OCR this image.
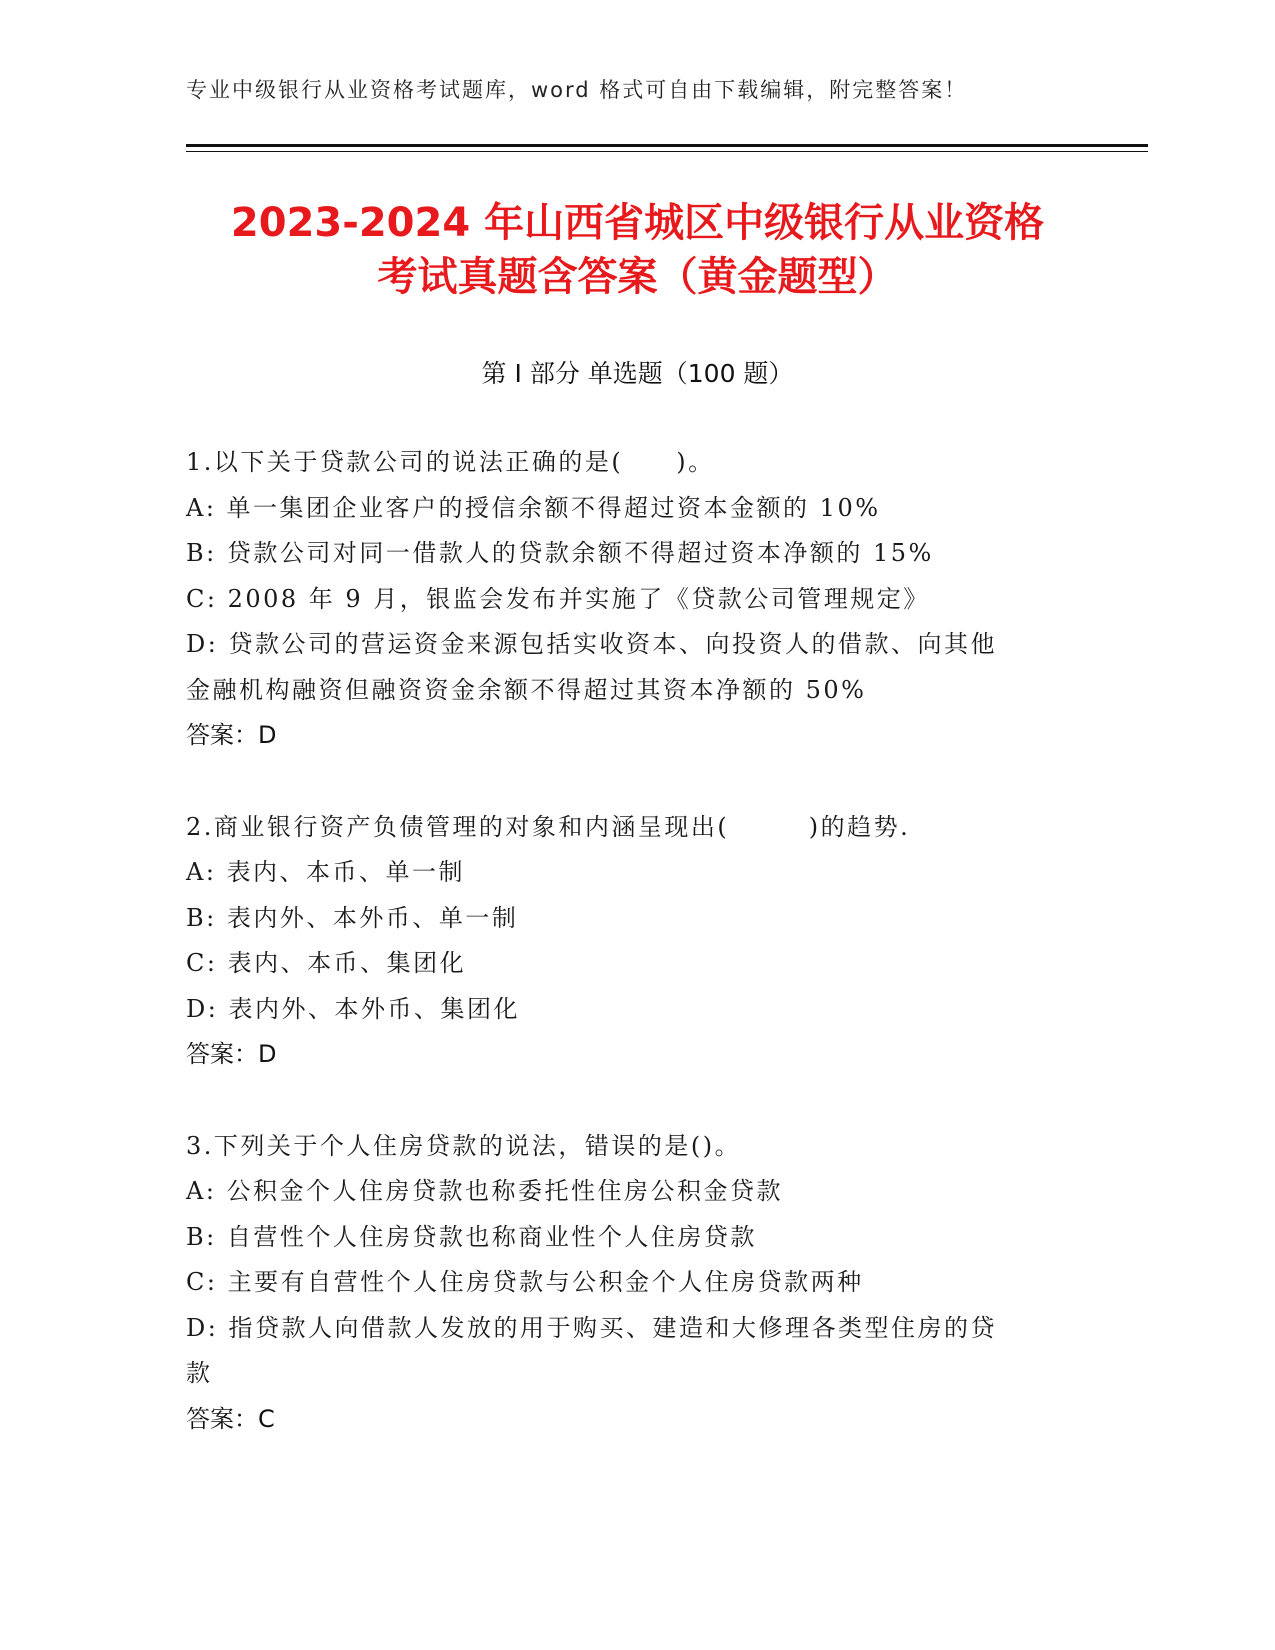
专业中级银行从业资格考试题库，word 格式可自由下载编辑，附完整答案！
2023-2024 年山西省城区中级银行从业资格
考试真题含答案（黄金题型）
第 I 部分 单选题（100 题）
1.以下关于贷款公司的说法正确的是(　　)。
A: 单一集团企业客户的授信余额不得超过资本金额的 10%
B: 贷款公司对同一借款人的贷款余额不得超过资本净额的 15%
C: 2008 年 9 月，银监会发布并实施了《贷款公司管理规定》
D: 贷款公司的营运资金来源包括实收资本、向投资人的借款、向其他
金融机构融资但融资资金余额不得超过其资本净额的 50%
答案：D
2.商业银行资产负债管理的对象和内涵呈现出(　　　)的趋势.
A: 表内、本币、单一制
B: 表内外、本外币、单一制
C: 表内、本币、集团化
D: 表内外、本外币、集团化
答案：D
3.下列关于个人住房贷款的说法，错误的是()。
A: 公积金个人住房贷款也称委托性住房公积金贷款
B: 自营性个人住房贷款也称商业性个人住房贷款
C: 主要有自营性个人住房贷款与公积金个人住房贷款两种
D: 指贷款人向借款人发放的用于购买、建造和大修理各类型住房的贷
款
答案：C
